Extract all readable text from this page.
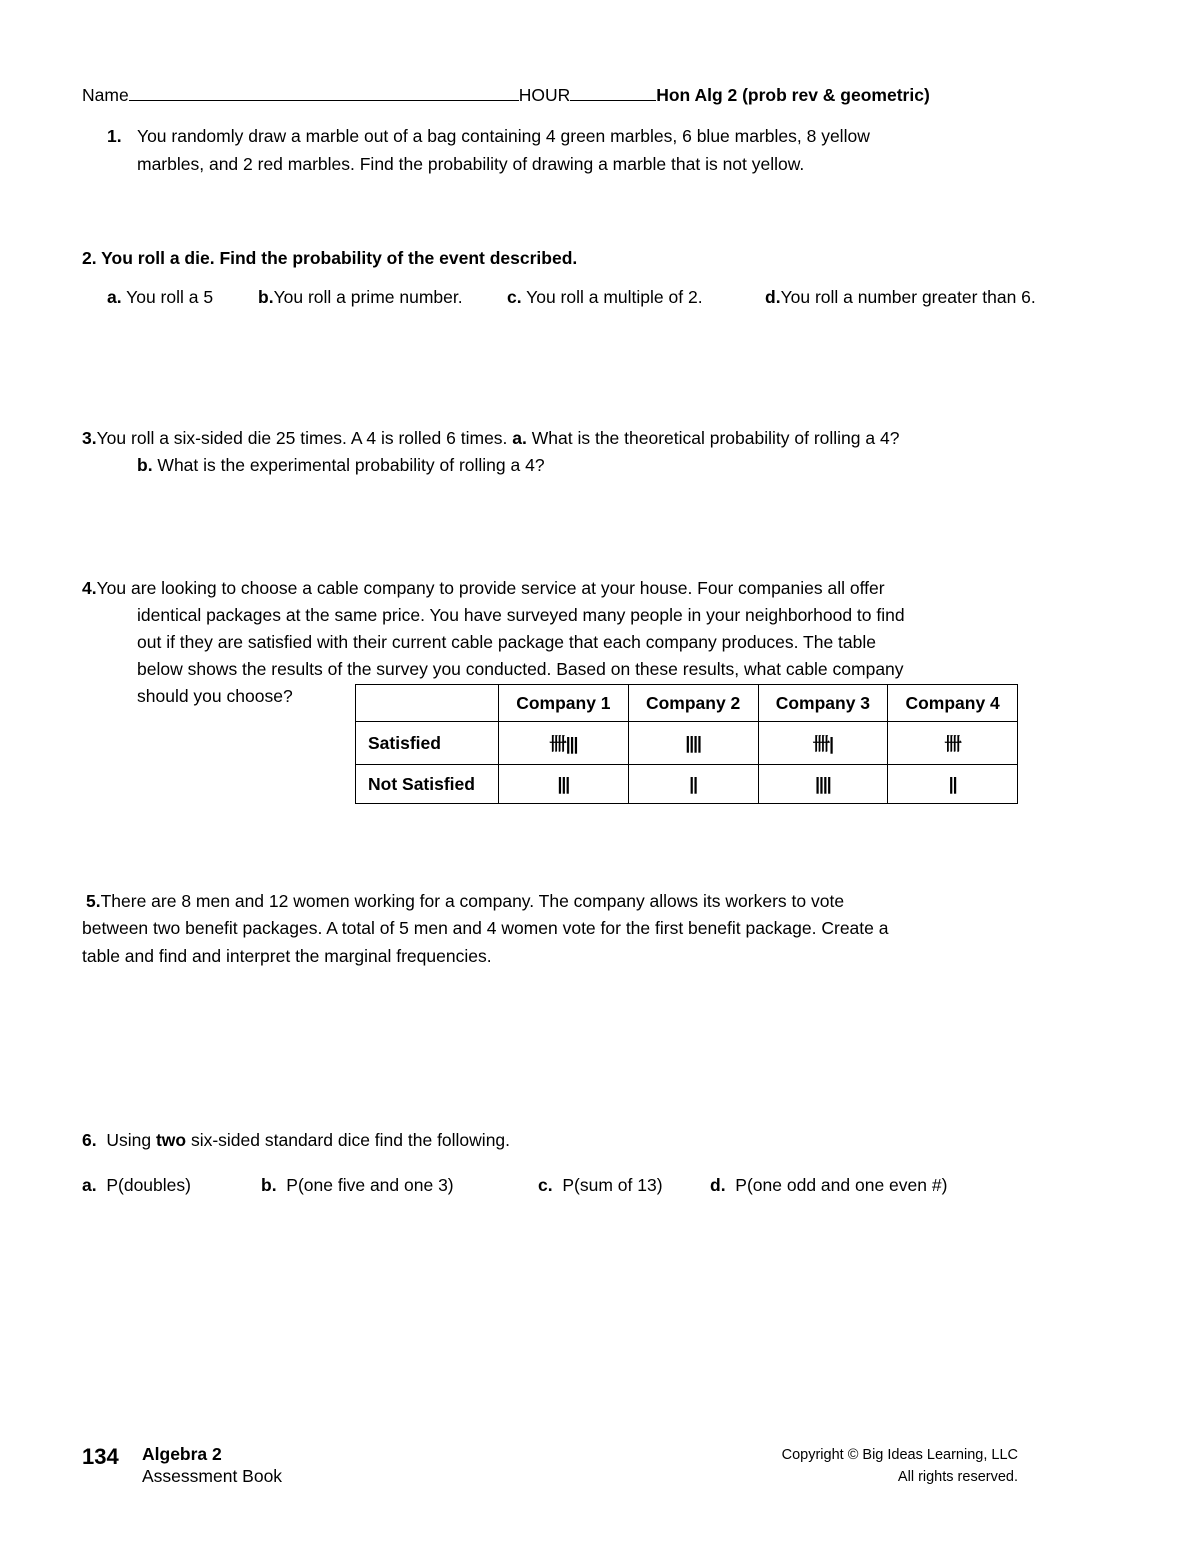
Name	HOUR	Hon Alg 2 (prob rev & geometric)
1. You randomly draw a marble out of a bag containing 4 green marbles, 6 blue marbles, 8 yellow
marbles, and 2 red marbles. Find the probability of drawing a marble that is not yellow.
2. You roll a die. Find the probability of the event described.
a. You roll a 5	b.You roll a prime number.	c. You roll a multiple of 2.	d.You roll a number greater than 6.
3.You roll a six-sided die 25 times. A 4 is rolled 6 times. a. What is the theoretical probability of rolling a 4?
b. What is the experimental probability of rolling a 4?
4.You are looking to choose a cable company to provide service at your house. Four companies all offer
identical packages at the same price. You have surveyed many people in your neighborhood to find
out if they are satisfied with their current cable package that each company produces. The table
below shows the results of the survey you conducted. Based on these results, what cable company
should you choose?
		Company 1	Company 2	Company 3	Company 4
Satisfied	卌|||	||||	卌|	卌
Not Satisfied	|||	||	||||	||
5.There are 8 men and 12 women working for a company. The company allows its workers to vote
between two benefit packages. A total of 5 men and 4 women vote for the first benefit package. Create a
table and find and interpret the marginal frequencies.
6. Using two six-sided standard dice find the following.
a. P(doubles)	b. P(one five and one 3)	c. P(sum of 13)	d. P(one odd and one even #)
134 Algebra 2
Assessment Book
Copyright © Big Ideas Learning, LLC
All rights reserved.
